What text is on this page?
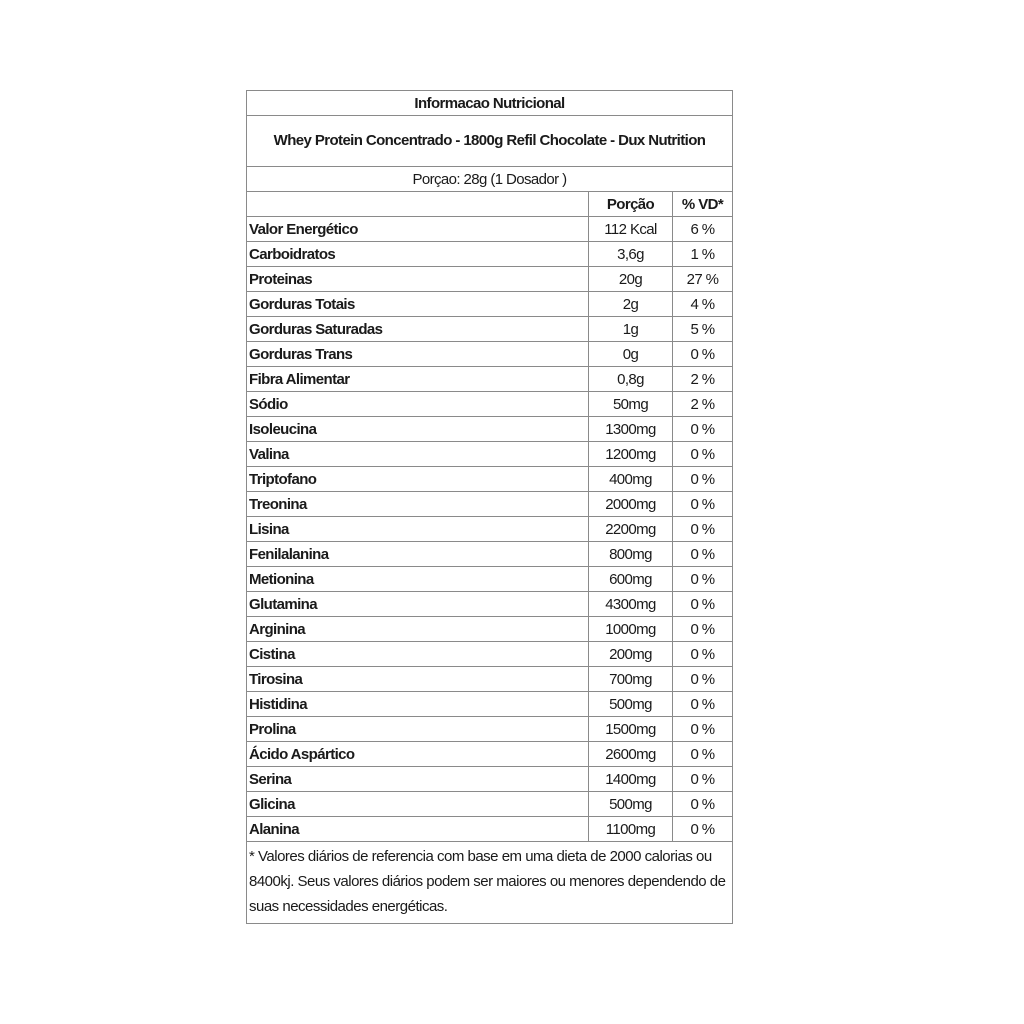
Informacao Nutricional		
Whey Protein Concentrado - 1800g Refil Chocolate - Dux Nutrition		
Porçao: 28g (1 Dosador )		
	Porção	% VD*
Valor Energético	112 Kcal	6 %
Carboidratos	3,6g	1 %
Proteinas	20g	27 %
Gorduras Totais	2g	4 %
Gorduras Saturadas	1g	5 %
Gorduras Trans	0g	0 %
Fibra Alimentar	0,8g	2 %
Sódio	50mg	2 %
Isoleucina	1300mg	0 %
Valina	1200mg	0 %
Triptofano	400mg	0 %
Treonina	2000mg	0 %
Lisina	2200mg	0 %
Fenilalanina	800mg	0 %
Metionina	600mg	0 %
Glutamina	4300mg	0 %
Arginina	1000mg	0 %
Cistina	200mg	0 %
Tirosina	700mg	0 %
Histidina	500mg	0 %
Prolina	1500mg	0 %
Ácido Aspártico	2600mg	0 %
Serina	1400mg	0 %
Glicina	500mg	0 %
Alanina	1100mg	0 %
* Valores diários de referencia com base em uma dieta de 2000 calorias ou 8400kj. Seus valores diários podem ser maiores ou menores dependendo de suas necessidades energéticas.		
